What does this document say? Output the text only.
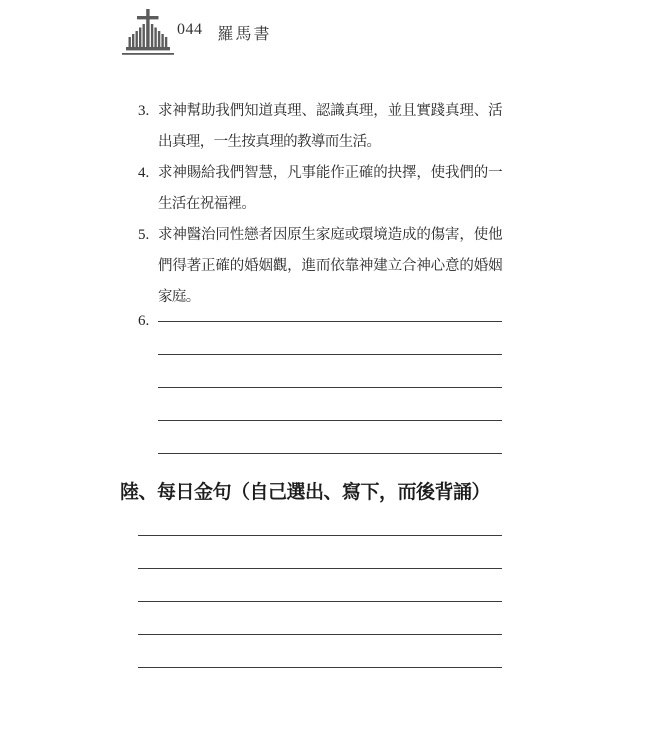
044 羅馬書
3. 求神幫助我們知道真理、認識真理，並且實踐真理、活出真理，一生按真理的教導而生活。

4. 求神賜給我們智慧，凡事能作正確的抉擇，使我們的一生活在祝福裡。

5. 求神醫治同性戀者因原生家庭或環境造成的傷害，使他們得著正確的婚姻觀，進而依靠神建立合神心意的婚姻家庭。

6.
陸、每日金句（自己選出、寫下，而後背誦）
